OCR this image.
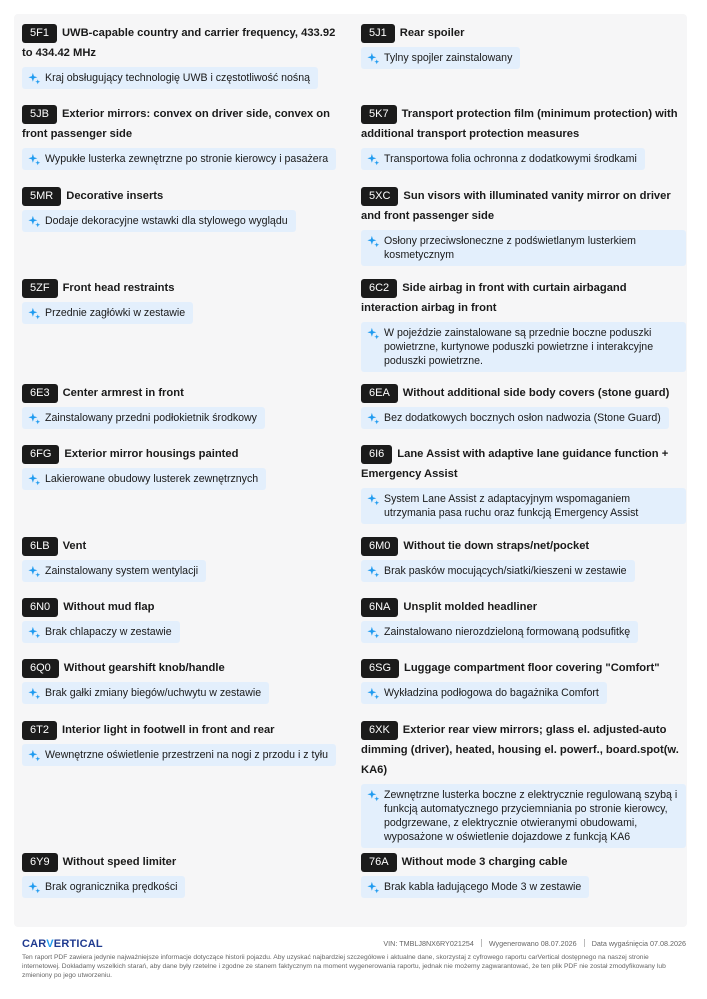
5F1 UWB-capable country and carrier frequency, 433.92 to 434.42 MHz

Kraj obsługujący technologię UWB i częstotliwość nośną

5JB Exterior mirrors: convex on driver side, convex on front passenger side

Wypukłe lusterka zewnętrzne po stronie kierowcy i pasażera

5MR Decorative inserts

Dodaje dekoracyjne wstawki dla stylowego wyglądu

5ZF Front head restraints

Przednie zagłówki w zestawie

6E3 Center armrest in front

Zainstalowany przedni podłokietnik środkowy

6FG Exterior mirror housings painted

Lakierowane obudowy lusterek zewnętrznych

6LB Vent

Zainstalowany system wentylacji

6N0 Without mud flap

Brak chlapaczy w zestawie

6Q0 Without gearshift knob/handle

Brak gałki zmiany biegów/uchwytu w zestawie

6T2 Interior light in footwell in front and rear

Wewnętrzne oświetlenie przestrzeni na nogi z przodu i z tyłu

6Y9 Without speed limiter

Brak ogranicznika prędkości

5J1 Rear spoiler

Tylny spojler zainstalowany

5K7 Transport protection film (minimum protection) with additional transport protection measures

Transportowa folia ochronna z dodatkowymi środkami

5XC Sun visors with illuminated vanity mirror on driver and front passenger side

Osłony przeciwsłoneczne z podświetlanym lusterkiem kosmetycznym

6C2 Side airbag in front with curtain airbagand interaction airbag in front

W pojeździe zainstalowane są przednie boczne poduszki powietrzne, kurtynowe poduszki powietrzne i interakcyjne poduszki powietrzne.

6EA Without additional side body covers (stone guard)

Bez dodatkowych bocznych osłon nadwozia (Stone Guard)

6I6 Lane Assist with adaptive lane guidance function + Emergency Assist

System Lane Assist z adaptacyjnym wspomaganiem utrzymania pasa ruchu oraz funkcją Emergency Assist

6M0 Without tie down straps/net/pocket

Brak pasków mocujących/siatki/kieszeni w zestawie

6NA Unsplit molded headliner

Zainstalowano nierozdzieloną formowaną podsufitkę

6SG Luggage compartment floor covering "Comfort"

Wykładzina podłogowa do bagażnika Comfort

6XK Exterior rear view mirrors; glass el. adjusted-auto dimming (driver), heated, housing el. powerf., board.spot(w. KA6)

Zewnętrzne lusterka boczne z elektrycznie regulowaną szybą i funkcją automatycznego przyciemniania po stronie kierowcy, podgrzewane, z elektrycznie otwieranymi obudowami, wyposażone w oświetlenie dojazdowe z funkcją KA6

76A Without mode 3 charging cable

Brak kabla ładującego Mode 3 w zestawie
CARVERTICAL	VIN: TMBLJ8NX6RY021254 Wygenerowano 08.07.2026 Data wygaśnięcia 07.08.2026
Ten raport PDF zawiera jedynie najważniejsze informacje dotyczące historii pojazdu. Aby uzyskać najbardziej szczegółowe i aktualne dane, skorzystaj z cyfrowego raportu carVertical dostępnego na naszej stronie internetowej. Dokładamy wszelkich starań, aby dane były rzetelne i zgodne ze stanem faktycznym na moment wygenerowania raportu, jednak nie możemy zagwarantować, że ten plik PDF nie został zmodyfikowany lub zmieniony po jego utworzeniu.
